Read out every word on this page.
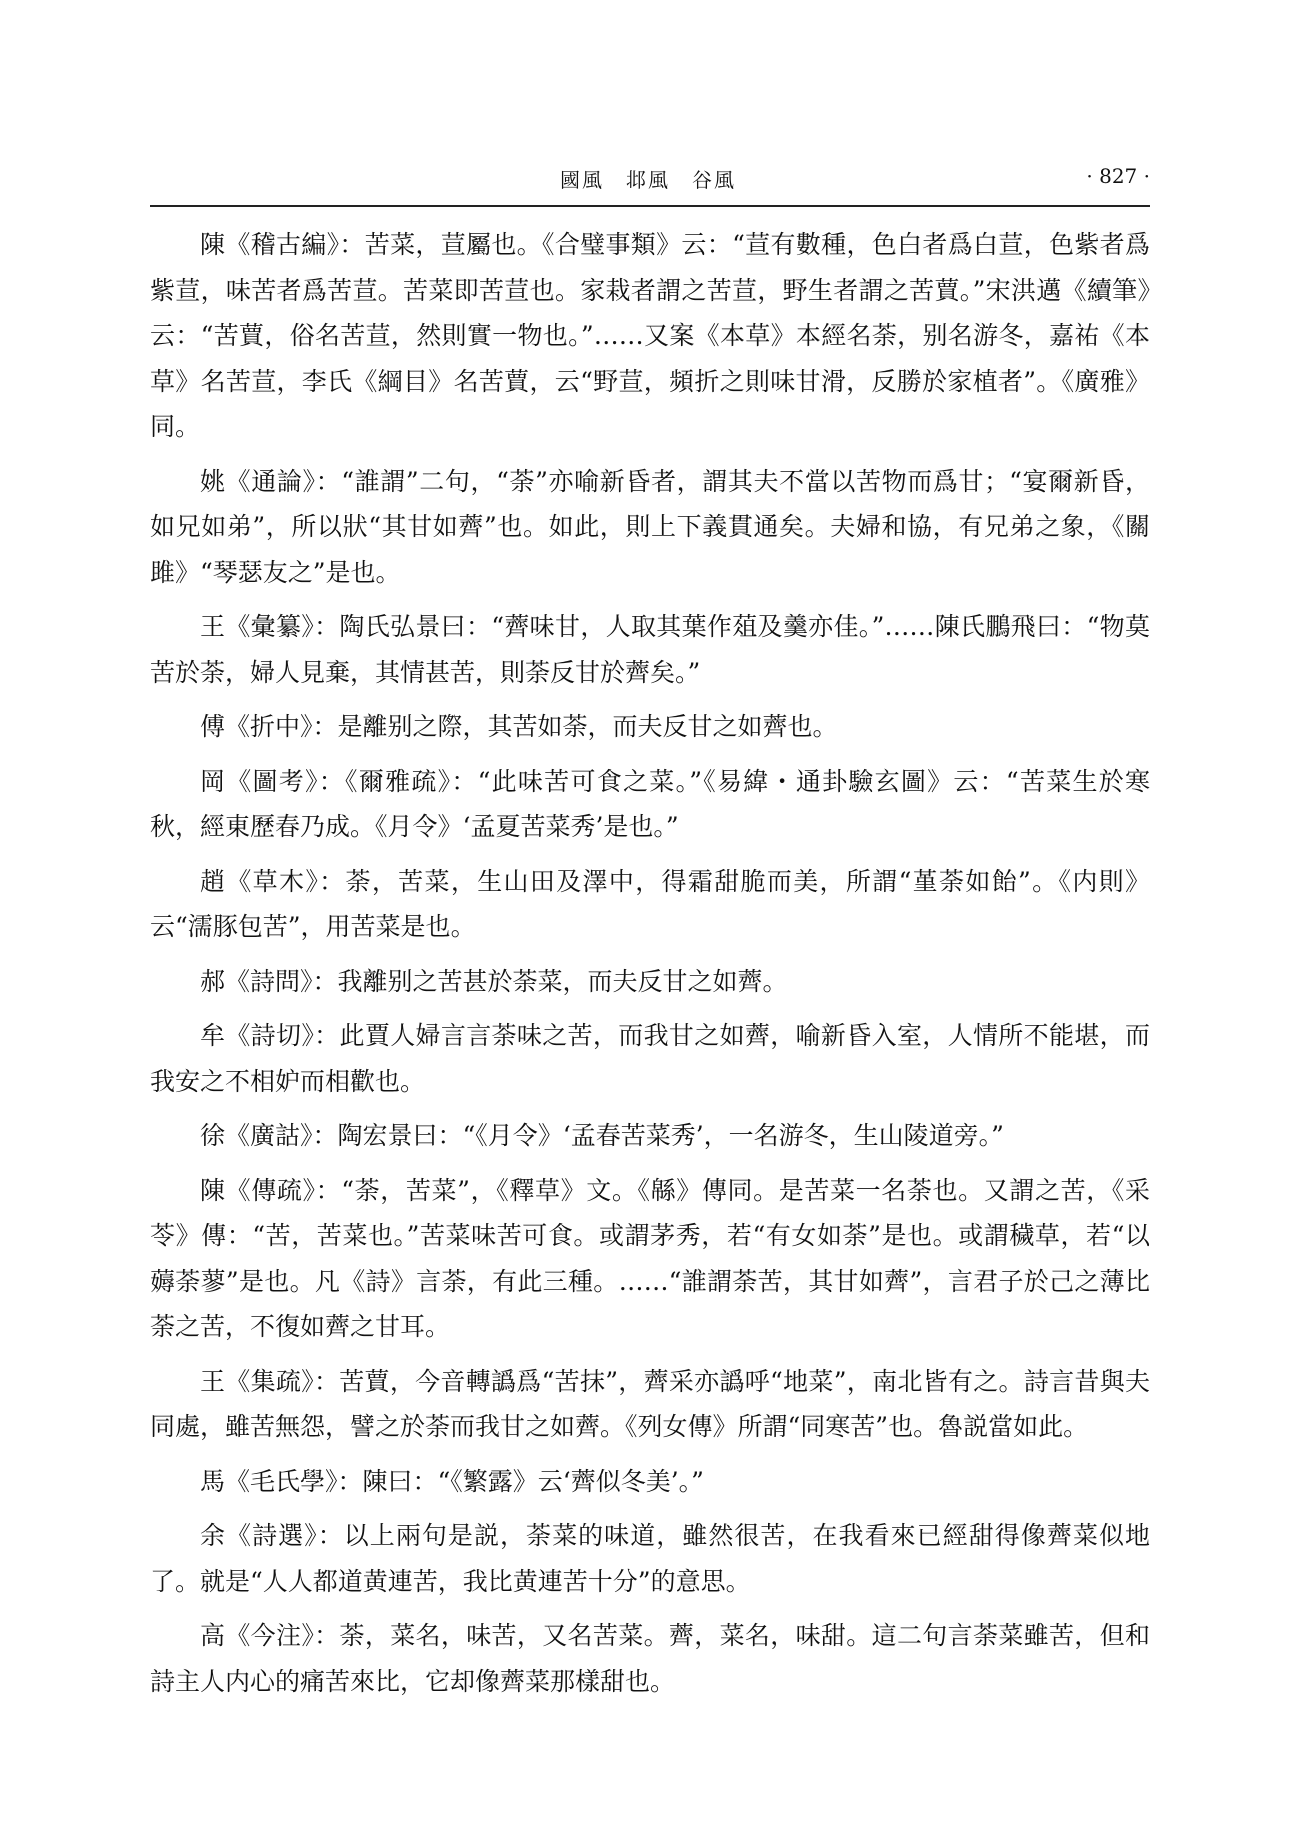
國風　邶風　谷風	· 827 ·

陳《稽古編》：苦菜，荁屬也。《合璧事類》云：“荁有數種，色白者爲白荁，色紫者爲紫荁，味苦者爲苦荁。苦菜即苦荁也。家栽者謂之苦荁，野生者謂之苦蕒。”宋洪邁《續筆》云：“苦蕒，俗名苦荁，然則實一物也。”……又案《本草》本經名荼，别名游冬，嘉祐《本草》名苦荁，李氏《綱目》名苦蕒，云“野荁，頻折之則味甘滑，反勝於家植者”。《廣雅》同。

姚《通論》：“誰謂”二句，“荼”亦喻新昏者，謂其夫不當以苦物而爲甘；“宴爾新昏，如兄如弟”，所以狀“其甘如薺”也。如此，則上下義貫通矣。夫婦和協，有兄弟之象，《關雎》“琴瑟友之”是也。

王《彙纂》：陶氏弘景曰：“薺味甘，人取其葉作葅及羹亦佳。”……陳氏鵬飛曰：“物莫苦於荼，婦人見棄，其情甚苦，則荼反甘於薺矣。”

傅《折中》：是離别之際，其苦如荼，而夫反甘之如薺也。

岡《圖考》：《爾雅疏》：“此味苦可食之菜。”《易緯・通卦驗玄圖》云：“苦菜生於寒秋，經東歷春乃成。《月令》‘孟夏苦菜秀’是也。”

趙《草木》：荼，苦菜，生山田及澤中，得霜甜脆而美，所謂“堇荼如飴”。《内則》云“濡豚包苦”，用苦菜是也。

郝《詩問》：我離别之苦甚於荼菜，而夫反甘之如薺。

牟《詩切》：此賈人婦言言荼味之苦，而我甘之如薺，喻新昏入室，人情所不能堪，而我安之不相妒而相歡也。

徐《廣詁》：陶宏景曰：“《月令》‘孟春苦菜秀’，一名游冬，生山陵道旁。”

陳《傳疏》：“荼，苦菜”，《釋草》文。《緜》傳同。是苦菜一名荼也。又謂之苦，《采苓》傳：“苦，苦菜也。”苦菜味苦可食。或謂茅秀，若“有女如荼”是也。或謂穢草，若“以薅荼蓼”是也。凡《詩》言荼，有此三種。……“誰謂荼苦，其甘如薺”，言君子於己之薄比荼之苦，不復如薺之甘耳。

王《集疏》：苦蕒，今音轉譌爲“苦抹”，薺采亦譌呼“地菜”，南北皆有之。詩言昔與夫同處，雖苦無怨，譬之於荼而我甘之如薺。《列女傳》所謂“同寒苦”也。魯説當如此。

馬《毛氏學》：陳曰：“《繁露》云‘薺似冬美’。”

余《詩選》：以上兩句是説，荼菜的味道，雖然很苦，在我看來已經甜得像薺菜似地了。就是“人人都道黄連苦，我比黄連苦十分”的意思。

高《今注》：荼，菜名，味苦，又名苦菜。薺，菜名，味甜。這二句言荼菜雖苦，但和詩主人内心的痛苦來比，它却像薺菜那樣甜也。
